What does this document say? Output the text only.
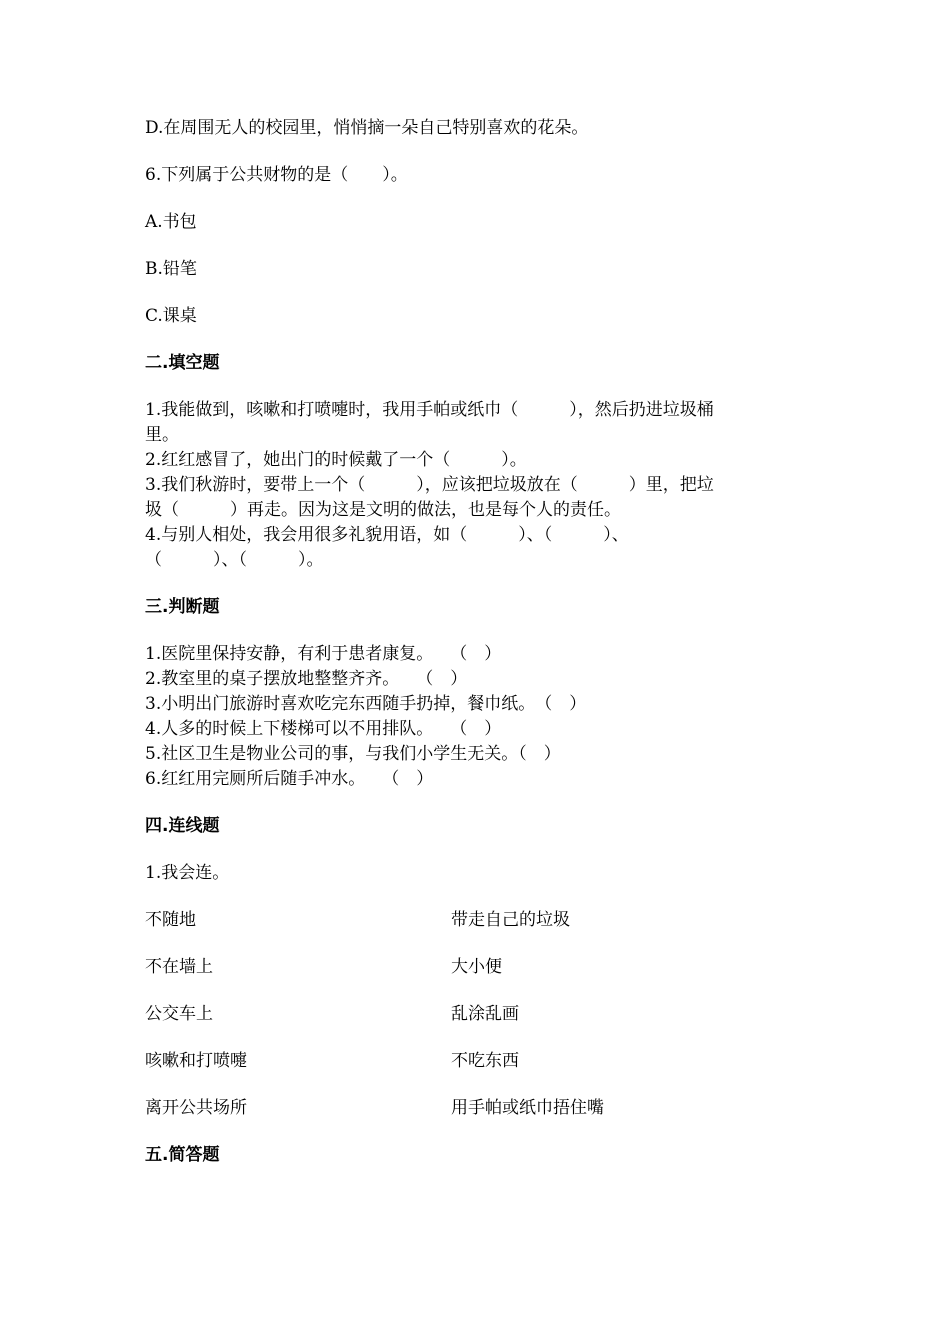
D.在周围无人的校园里，悄悄摘一朵自己特别喜欢的花朵。

6.下列属于公共财物的是（　　）。

A.书包

B.铅笔

C.课桌

二.填空题

1.我能做到，咳嗽和打喷嚏时，我用手帕或纸巾（　　　），然后扔进垃圾桶

里。

2.红红感冒了，她出门的时候戴了一个（　　　）。

3.我们秋游时，要带上一个（　　　），应该把垃圾放在（　　　）里，把垃

圾（　　　）再走。因为这是文明的做法，也是每个人的责任。

4.与别人相处，我会用很多礼貌用语，如（　　　）、（　　　）、

（　　　）、（　　　）。

三.判断题

1.医院里保持安静，有利于患者康复。　　（　）

2.教室里的桌子摆放地整整齐齐。　　（　）

3.小明出门旅游时喜欢吃完东西随手扔掉，餐巾纸。　（　）

4.人多的时候上下楼梯可以不用排队。　　（　）

5.社区卫生是物业公司的事，与我们小学生无关。（　）

6.红红用完厕所后随手冲水。　　（　）

四.连线题

1.我会连。

不随地	带走自己的垃圾

不在墙上	大小便

公交车上	乱涂乱画

咳嗽和打喷嚏	不吃东西

离开公共场所	用手帕或纸巾捂住嘴

五.简答题
